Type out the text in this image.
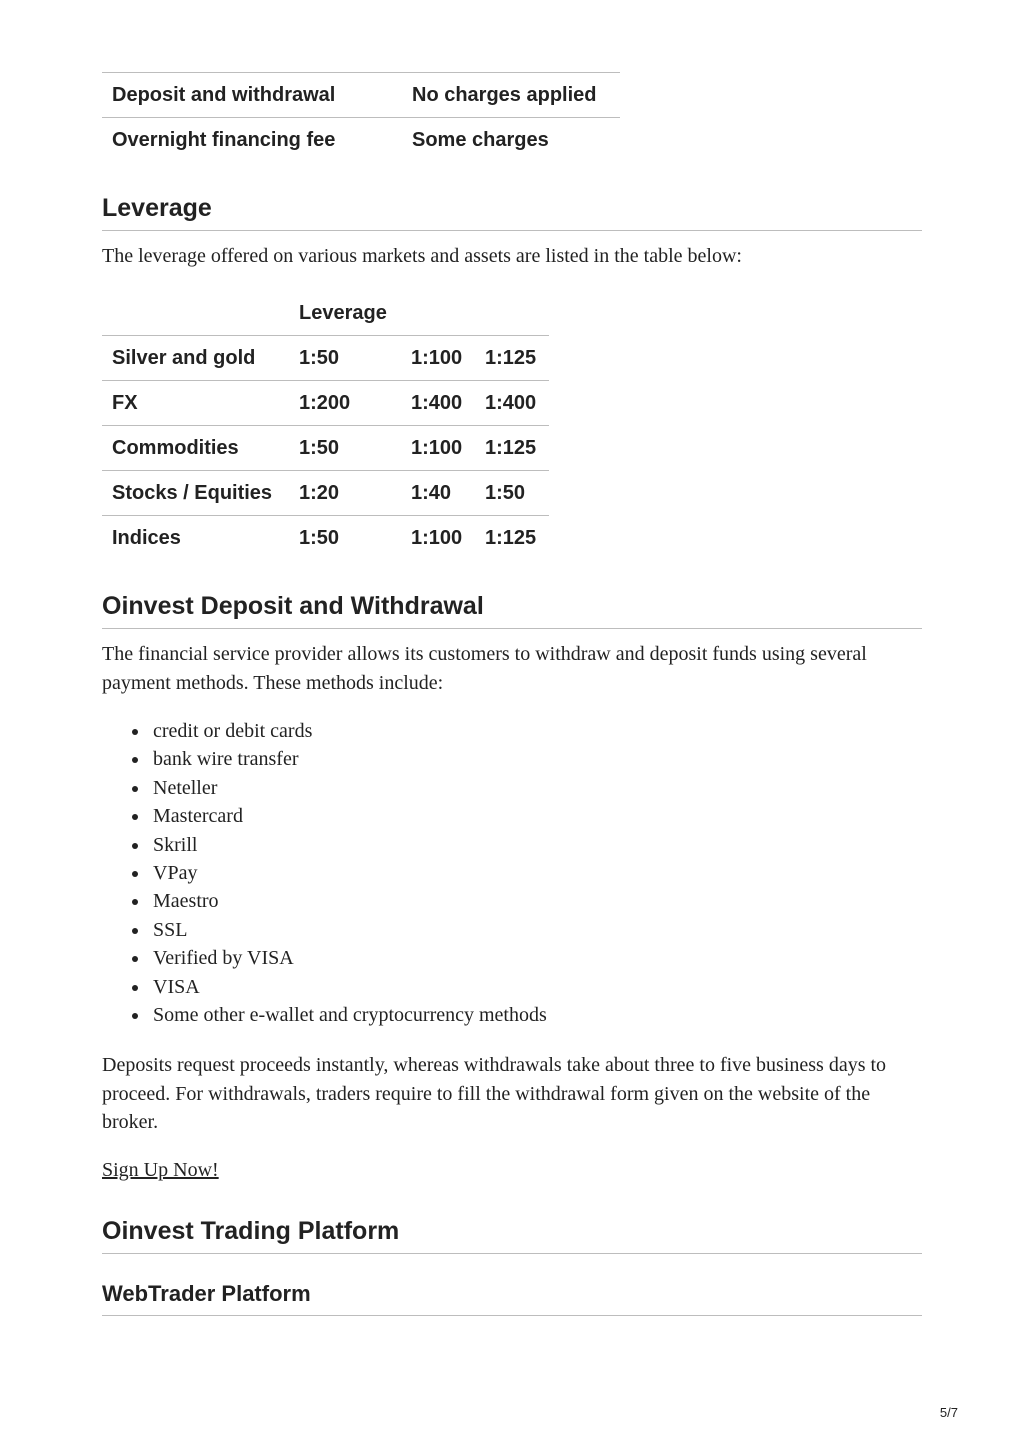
Deposit and withdrawal	No charges applied
Overnight financing fee	Some charges
Leverage

The leverage offered on various markets and assets are listed in the table below:

	Leverage		
Silver and gold	1:50	1:100	1:125
FX	1:200	1:400	1:400
Commodities	1:50	1:100	1:125
Stocks / Equities	1:20	1:40	1:50
Indices	1:50	1:100	1:125
Oinvest Deposit and Withdrawal

The financial service provider allows its customers to withdraw and deposit funds using several payment methods. These methods include:

credit or debit cards
bank wire transfer
Neteller
Mastercard
Skrill
VPay
Maestro
SSL
Verified by VISA
VISA
Some other e-wallet and cryptocurrency methods

Deposits request proceeds instantly, whereas withdrawals take about three to five business days to proceed. For withdrawals, traders require to fill the withdrawal form given on the website of the broker.

Sign Up Now!
Oinvest Trading Platform
WebTrader Platform
5/7
